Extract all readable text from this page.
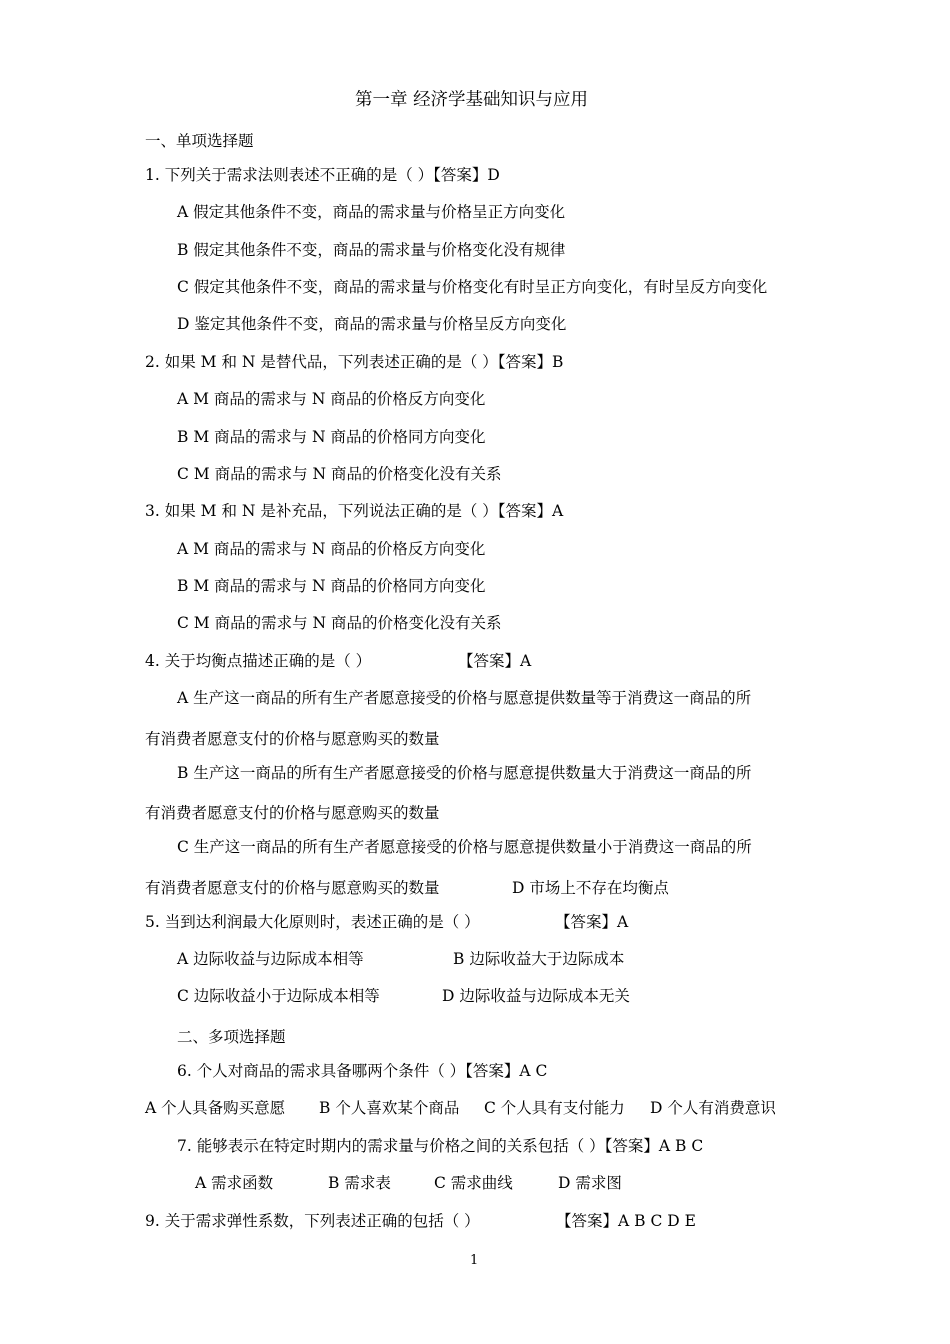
第一章 经济学基础知识与应用
一、单项选择题
1. 下列关于需求法则表述不正确的是（ ）【答案】D
A 假定其他条件不变，商品的需求量与价格呈正方向变化
B 假定其他条件不变，商品的需求量与价格变化没有规律
C 假定其他条件不变，商品的需求量与价格变化有时呈正方向变化，有时呈反方向变化
D 鉴定其他条件不变，商品的需求量与价格呈反方向变化
2. 如果 M 和 N 是替代品，下列表述正确的是（ ）【答案】B
A M 商品的需求与 N 商品的价格反方向变化
B M 商品的需求与 N 商品的价格同方向变化
C M 商品的需求与 N 商品的价格变化没有关系
3. 如果 M 和 N 是补充品，下列说法正确的是（ ）【答案】A
A M 商品的需求与 N 商品的价格反方向变化
B M 商品的需求与 N 商品的价格同方向变化
C M 商品的需求与 N 商品的价格变化没有关系
4. 关于均衡点描述正确的是（ ）	【答案】A
A 生产这一商品的所有生产者愿意接受的价格与愿意提供数量等于消费这一商品的所
有消费者愿意支付的价格与愿意购买的数量
B 生产这一商品的所有生产者愿意接受的价格与愿意提供数量大于消费这一商品的所
有消费者愿意支付的价格与愿意购买的数量
C 生产这一商品的所有生产者愿意接受的价格与愿意提供数量小于消费这一商品的所
有消费者愿意支付的价格与愿意购买的数量	D 市场上不存在均衡点
5. 当到达利润最大化原则时，表述正确的是（ ）	【答案】A
A 边际收益与边际成本相等	B 边际收益大于边际成本
C 边际收益小于边际成本相等	D 边际收益与边际成本无关
二、多项选择题
6. 个人对商品的需求具备哪两个条件（ ）【答案】A C
A 个人具备购买意愿 B 个人喜欢某个商品 C 个人具有支付能力 D 个人有消费意识
7. 能够表示在特定时期内的需求量与价格之间的关系包括（ ）【答案】A B C
A 需求函数	B 需求表	C 需求曲线	D 需求图
9. 关于需求弹性系数，下列表述正确的包括（ ）	【答案】A B C D E
1
